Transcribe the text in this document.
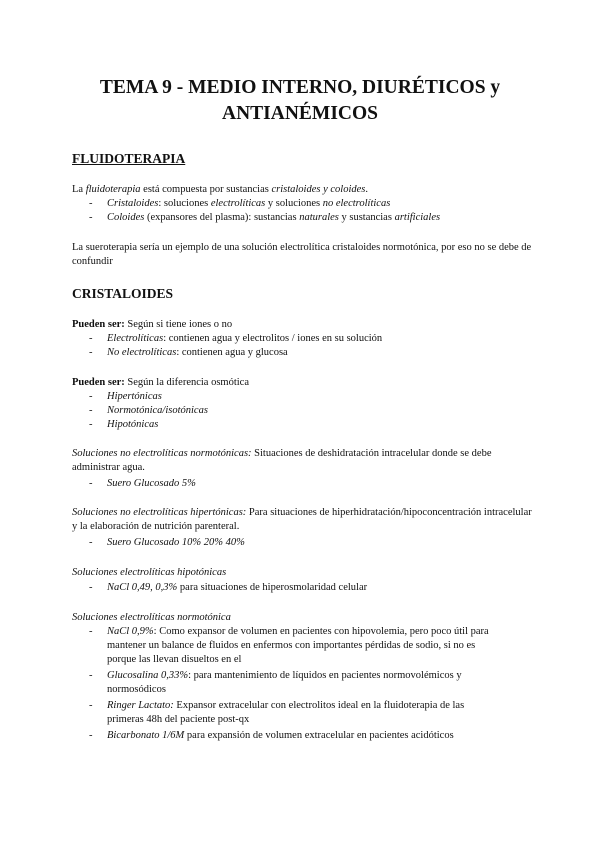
TEMA 9 - MEDIO INTERNO, DIURÉTICOS y
ANTIANÉMICOS
FLUIDOTERAPIA
La fluidoterapia está compuesta por sustancias cristaloides y coloides.
- Cristaloides: soluciones electrolíticas y soluciones no electrolíticas
- Coloides (expansores del plasma): sustancias naturales y sustancias artificiales
La sueroterapia sería un ejemplo de una solución electrolítica cristaloides normotónica, por eso no se debe de confundir
CRISTALOIDES
Pueden ser: Según si tiene iones o no
- Electrolíticas: contienen agua y electrolitos / iones en su solución
- No electrolíticas: contienen agua y glucosa
Pueden ser: Según la diferencia osmótica
- Hipertónicas
- Normotónica/isotónicas
- Hipotónicas
Soluciones no electrolíticas normotónicas: Situaciones de deshidratación intracelular donde se debe administrar agua.
- Suero Glucosado 5%
Soluciones no electrolíticas hipertónicas: Para situaciones de hiperhidratación/hipoconcentración intracelular y la elaboración de nutrición parenteral.
- Suero Glucosado 10% 20% 40%
Soluciones electrolíticas hipotónicas
- NaCl 0,49, 0,3% para situaciones de hiperosmolaridad celular
Soluciones electrolíticas normotónica
- NaCl 0,9%: Como expansor de volumen en pacientes con hipovolemia, pero poco útil para
mantener un balance de fluidos en enfermos con importantes pérdidas de sodio, si no es
porque las llevan disueltos en el
- Glucosalina 0,33%: para mantenimiento de líquidos en pacientes normovolémicos y
normosódicos
- Ringer Lactato: Expansor extracelular con electrolitos ideal en la fluidoterapia de las
primeras 48h del paciente post-qx
- Bicarbonato 1/6M para expansión de volumen extracelular en pacientes acidóticos
